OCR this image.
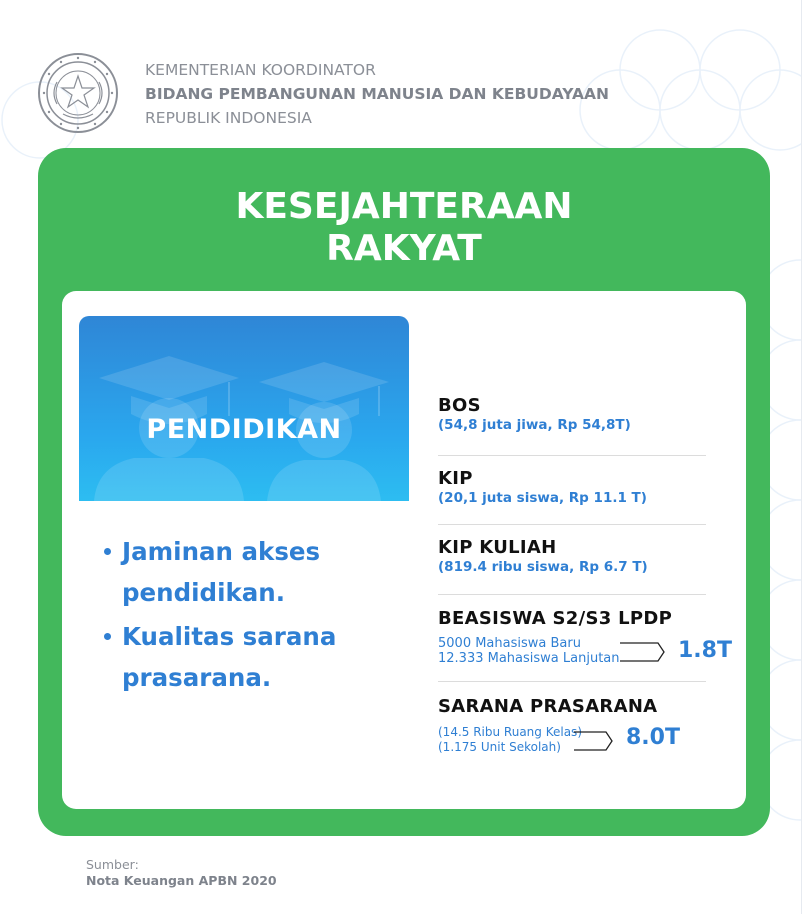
KEMENTERIAN KOORDINATOR
BIDANG PEMBANGUNAN MANUSIA DAN KEBUDAYAAN
REPUBLIK INDONESIA
KESEJAHTERAAN
RAKYAT
PENDIDIKAN
Jaminan akses pendidikan.
Kualitas sarana prasarana.
BOS
(54,8 juta jiwa, Rp 54,8T)
KIP
(20,1 juta siswa, Rp 11.1 T)
KIP KULIAH
(819.4 ribu siswa, Rp 6.7 T)
BEASISWA S2/S3 LPDP
5000 Mahasiswa Baru
12.333 Mahasiswa Lanjutan	1.8T
SARANA PRASARANA
(14.5 Ribu Ruang Kelas)
(1.175 Unit Sekolah)	8.0T
Sumber:
Nota Keuangan APBN 2020
